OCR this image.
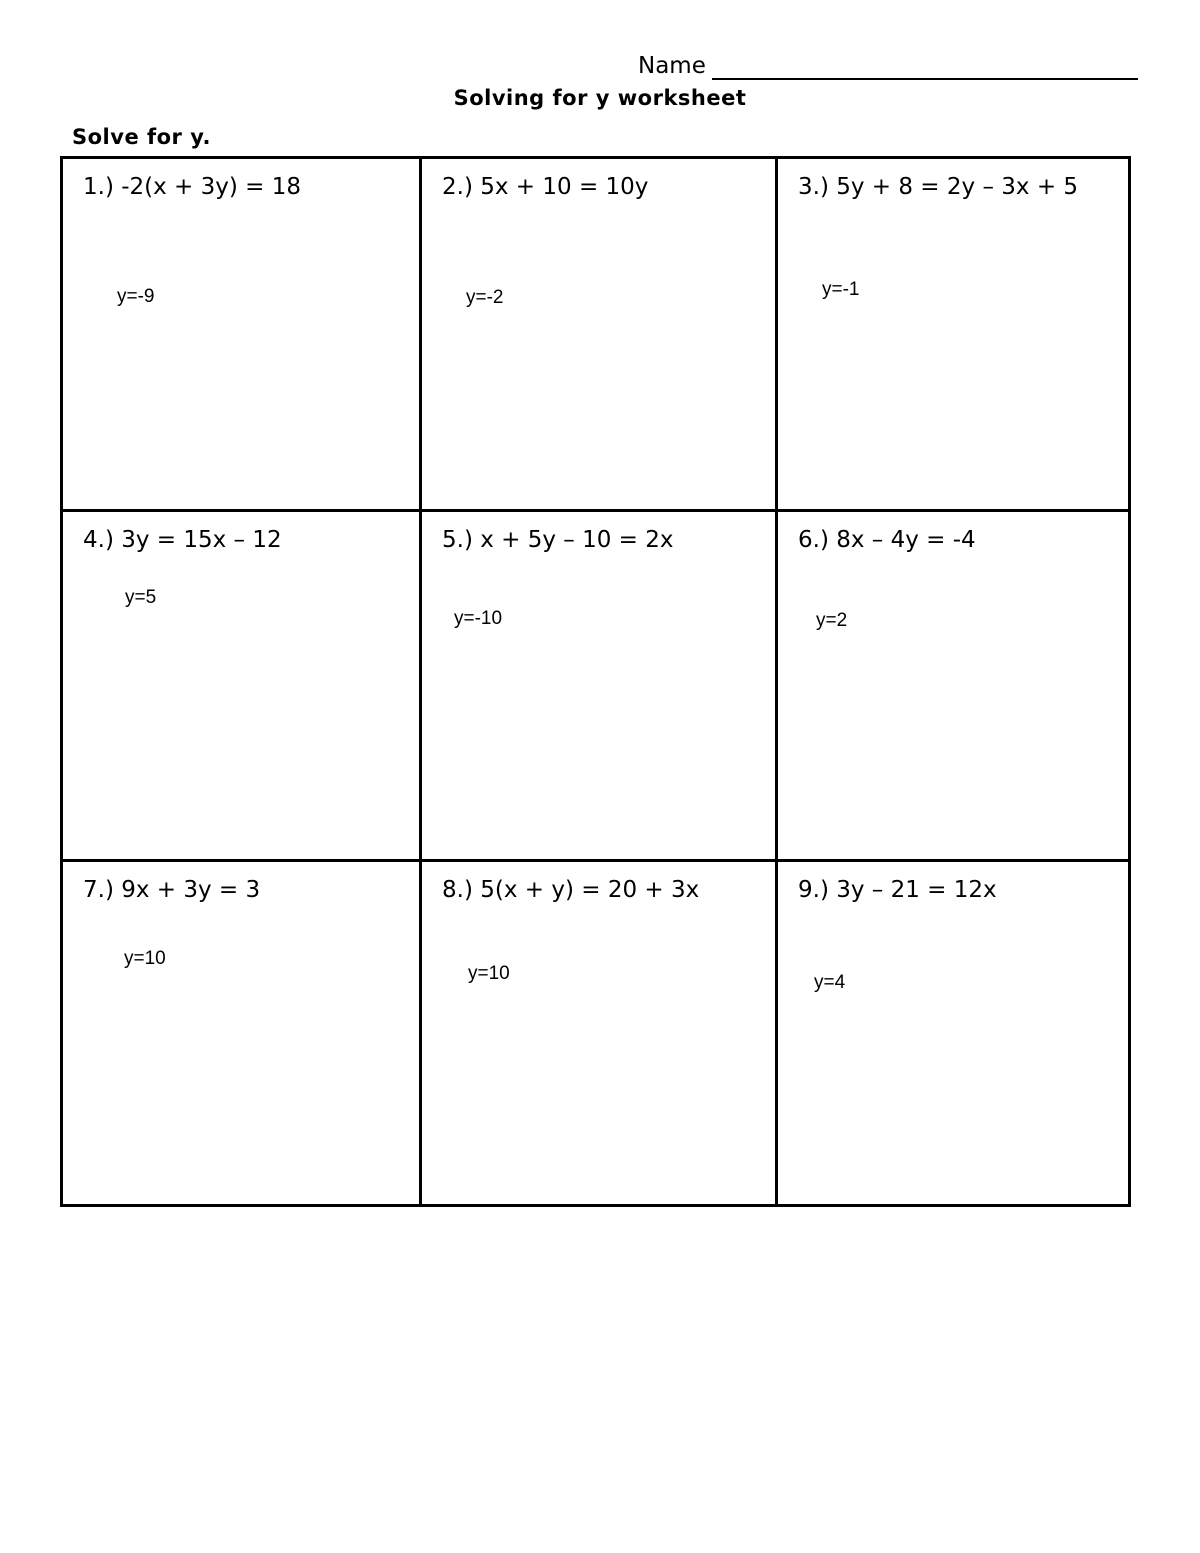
Name
Solving for y worksheet
Solve for y.
1.) -2(x + 3y) = 18
y=-9
2.) 5x + 10 = 10y
y=-2
3.) 5y + 8 = 2y – 3x + 5
y=-1
4.) 3y = 15x – 12
y=5
5.) x + 5y – 10 = 2x
y=-10
6.) 8x – 4y = -4
y=2
7.) 9x + 3y = 3
y=10
8.) 5(x + y) = 20 + 3x
y=10
9.) 3y – 21 = 12x
y=4
